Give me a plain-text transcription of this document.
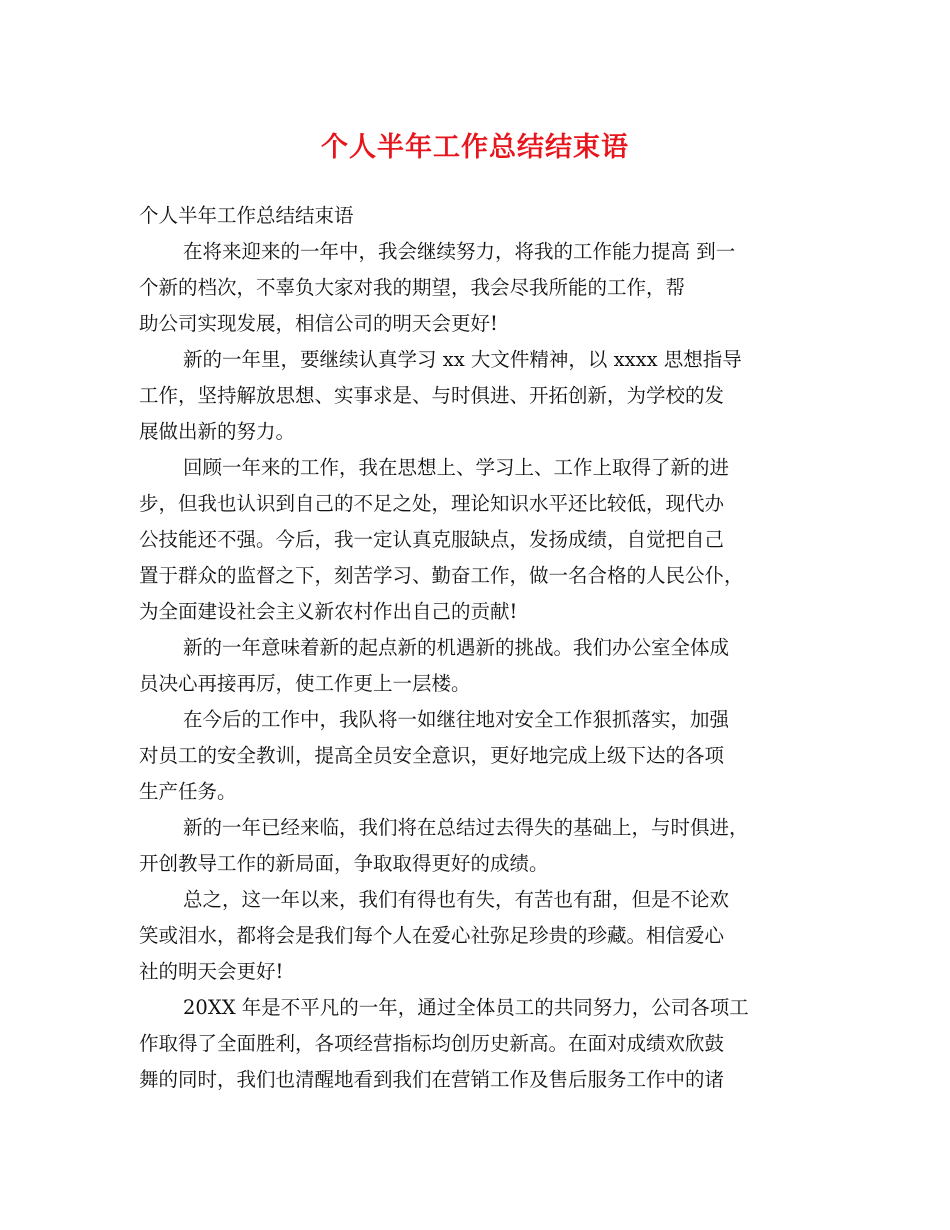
个人半年工作总结结束语
个人半年工作总结结束语
在将来迎来的一年中，我会继续努力，将我的工作能力提高 到一
个新的档次，不辜负大家对我的期望，我会尽我所能的工作，帮
助公司实现发展，相信公司的明天会更好!
新的一年里，要继续认真学习 xx 大文件精神，以 xxxx 思想指导
工作，坚持解放思想、实事求是、与时俱进、开拓创新，为学校的发
展做出新的努力。
回顾一年来的工作，我在思想上、学习上、工作上取得了新的进
步，但我也认识到自己的不足之处，理论知识水平还比较低，现代办
公技能还不强。今后，我一定认真克服缺点，发扬成绩，自觉把自己
置于群众的监督之下，刻苦学习、勤奋工作，做一名合格的人民公仆，
为全面建设社会主义新农村作出自己的贡献!
新的一年意味着新的起点新的机遇新的挑战。我们办公室全体成
员决心再接再厉，使工作更上一层楼。
在今后的工作中，我队将一如继往地对安全工作狠抓落实，加强
对员工的安全教训，提高全员安全意识，更好地完成上级下达的各项
生产任务。
新的一年已经来临，我们将在总结过去得失的基础上，与时俱进，
开创教导工作的新局面，争取取得更好的成绩。
总之，这一年以来，我们有得也有失，有苦也有甜，但是不论欢
笑或泪水，都将会是我们每个人在爱心社弥足珍贵的珍藏。相信爱心
社的明天会更好!
20XX 年是不平凡的一年，通过全体员工的共同努力，公司各项工
作取得了全面胜利，各项经营指标均创历史新高。在面对成绩欢欣鼓
舞的同时，我们也清醒地看到我们在营销工作及售后服务工作中的诸
